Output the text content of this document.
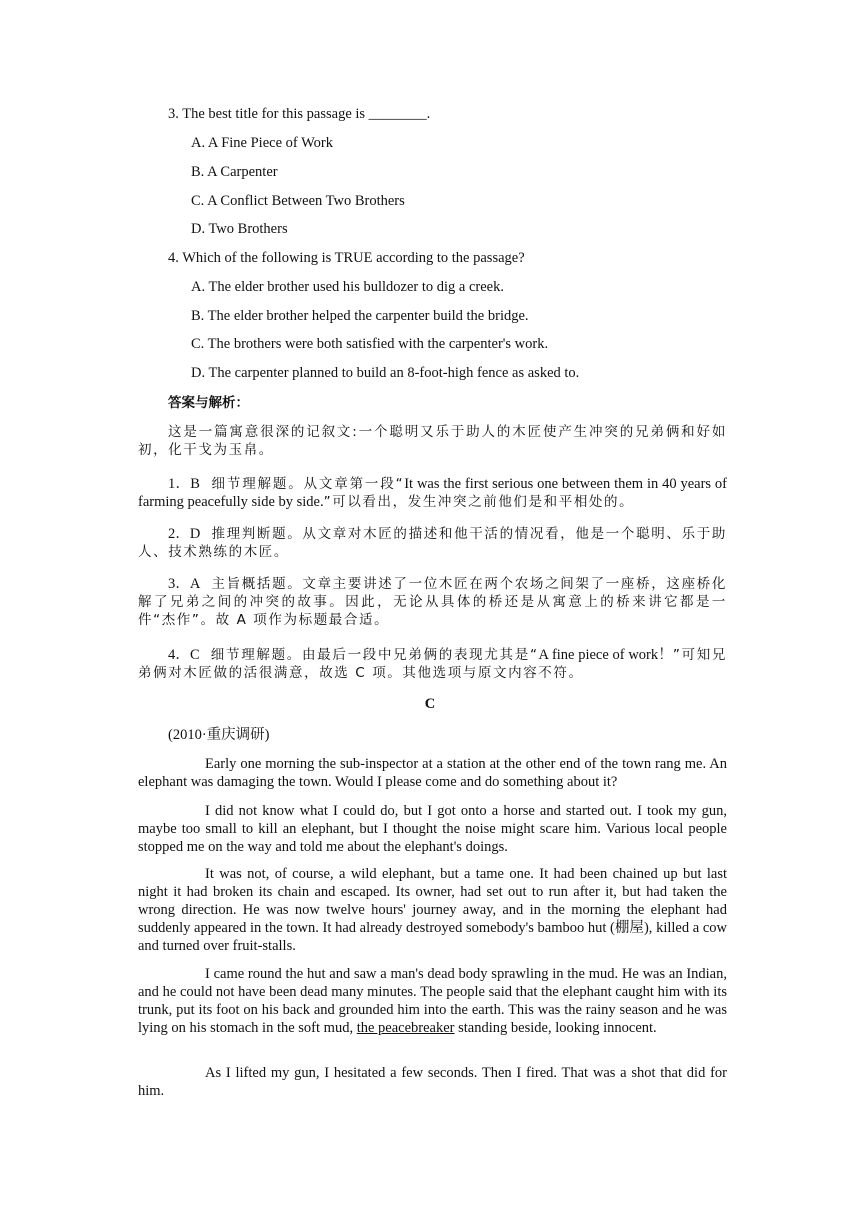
3. The best title for this passage is ________.
A. A Fine Piece of Work
B. A Carpenter
C. A Conflict Between Two Brothers
D. Two Brothers
4. Which of the following is TRUE according to the passage?
A. The elder brother used his bulldozer to dig a creek.
B. The elder brother helped the carpenter build the bridge.
C. The brothers were both satisfied with the carpenter's work.
D. The carpenter planned to build an 8-foot-high fence as asked to.
答案与解析：
这是一篇寓意很深的记叙文:一个聪明又乐于助人的木匠使产生冲突的兄弟俩和好如初，化干戈为玉帛。
1．B 细节理解题。从文章第一段“It was the first serious one between them in 40 years of farming peacefully side by side.”可以看出，发生冲突之前他们是和平相处的。
2．D 推理判断题。从文章对木匠的描述和他干活的情况看，他是一个聪明、乐于助人、技术熟练的木匠。
3．A 主旨概括题。文章主要讲述了一位木匠在两个农场之间架了一座桥，这座桥化解了兄弟之间的冲突的故事。因此，无论从具体的桥还是从寓意上的桥来讲它都是一件“杰作”。故 A 项作为标题最合适。
4．C 细节理解题。由最后一段中兄弟俩的表现尤其是“A fine piece of work！”可知兄弟俩对木匠做的活很满意，故选 C 项。其他选项与原文内容不符。
C
(2010·重庆调研)
Early one morning the sub-inspector at a station at the other end of the town rang me. An elephant was damaging the town. Would I please come and do something about it?
I did not know what I could do, but I got onto a horse and started out. I took my gun, maybe too small to kill an elephant, but I thought the noise might scare him. Various local people stopped me on the way and told me about the elephant's doings.
It was not, of course, a wild elephant, but a tame one. It had been chained up but last night it had broken its chain and escaped. Its owner, had set out to run after it, but had taken the wrong direction. He was now twelve hours' journey away, and in the morning the elephant had suddenly appeared in the town. It had already destroyed somebody's bamboo hut (棚屋), killed a cow and turned over fruit-stalls.
I came round the hut and saw a man's dead body sprawling in the mud. He was an Indian, and he could not have been dead many minutes. The people said that the elephant caught him with its trunk, put its foot on his back and grounded him into the earth. This was the rainy season and he was lying on his stomach in the soft mud, the peacebreaker standing beside, looking innocent.
As I lifted my gun, I hesitated a few seconds. Then I fired. That was a shot that did for him.
